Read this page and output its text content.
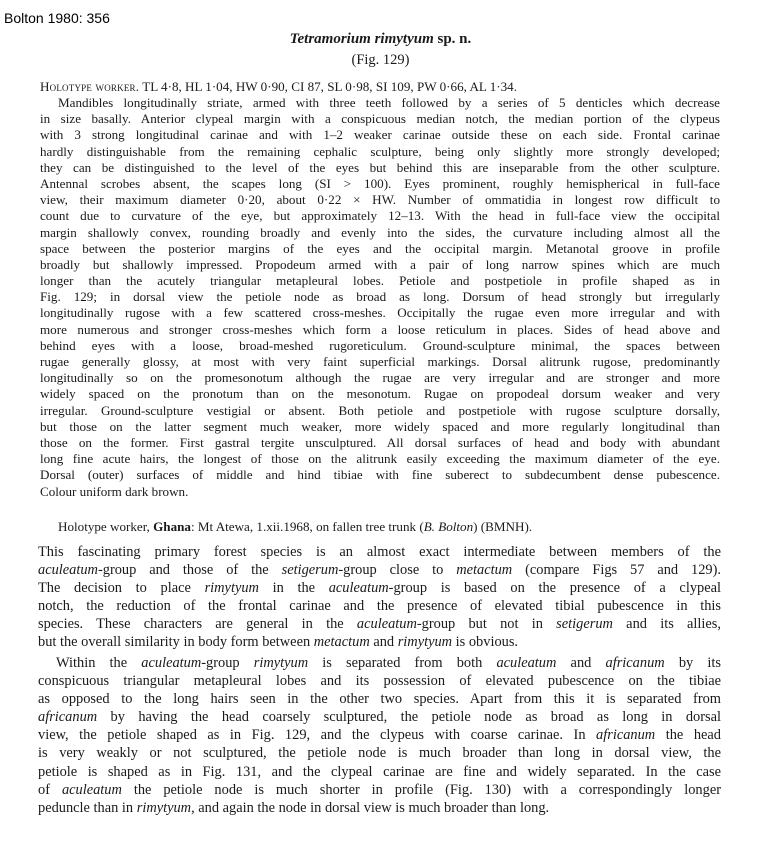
Bolton 1980: 356
Tetramorium rimytyum sp. n.
(Fig. 129)
Holotype worker. TL 4·8, HL 1·04, HW 0·90, CI 87, SL 0·98, SI 109, PW 0·66, AL 1·34.
Mandibles longitudinally striate, armed with three teeth followed by a series of 5 denticles which decrease
in size basally. Anterior clypeal margin with a conspicuous median notch, the median portion of the clypeus
with 3 strong longitudinal carinae and with 1–2 weaker carinae outside these on each side. Frontal carinae
hardly distinguishable from the remaining cephalic sculpture, being only slightly more strongly developed;
they can be distinguished to the level of the eyes but behind this are inseparable from the other sculpture.
Antennal scrobes absent, the scapes long (SI > 100). Eyes prominent, roughly hemispherical in full-face
view, their maximum diameter 0·20, about 0·22 × HW. Number of ommatidia in longest row difficult to
count due to curvature of the eye, but approximately 12–13. With the head in full-face view the occipital
margin shallowly convex, rounding broadly and evenly into the sides, the curvature including almost all the
space between the posterior margins of the eyes and the occipital margin. Metanotal groove in profile
broadly but shallowly impressed. Propodeum armed with a pair of long narrow spines which are much
longer than the acutely triangular metapleural lobes. Petiole and postpetiole in profile shaped as in
Fig. 129; in dorsal view the petiole node as broad as long. Dorsum of head strongly but irregularly
longitudinally rugose with a few scattered cross-meshes. Occipitally the rugae even more irregular and with
more numerous and stronger cross-meshes which form a loose reticulum in places. Sides of head above and
behind eyes with a loose, broad-meshed rugoreticulum. Ground-sculpture minimal, the spaces between
rugae generally glossy, at most with very faint superficial markings. Dorsal alitrunk rugose, predominantly
longitudinally so on the promesonotum although the rugae are very irregular and are stronger and more
widely spaced on the pronotum than on the mesonotum. Rugae on propodeal dorsum weaker and very
irregular. Ground-sculpture vestigial or absent. Both petiole and postpetiole with rugose sculpture dorsally,
but those on the latter segment much weaker, more widely spaced and more regularly longitudinal than
those on the former. First gastral tergite unsculptured. All dorsal surfaces of head and body with abundant
long fine acute hairs, the longest of those on the alitrunk easily exceeding the maximum diameter of the eye.
Dorsal (outer) surfaces of middle and hind tibiae with fine suberect to subdecumbent dense pubescence.
Colour uniform dark brown.
Holotype worker, Ghana: Mt Atewa, 1.xii.1968, on fallen tree trunk (B. Bolton) (BMNH).
This fascinating primary forest species is an almost exact intermediate between members of the
aculeatum-group and those of the setigerum-group close to metactum (compare Figs 57 and 129).
The decision to place rimytyum in the aculeatum-group is based on the presence of a clypeal
notch, the reduction of the frontal carinae and the presence of elevated tibial pubescence in this
species. These characters are general in the aculeatum-group but not in setigerum and its allies,
but the overall similarity in body form between metactum and rimytyum is obvious.
Within the aculeatum-group rimytyum is separated from both aculeatum and africanum by its
conspicuous triangular metapleural lobes and its possession of elevated pubescence on the tibiae
as opposed to the long hairs seen in the other two species. Apart from this it is separated from
africanum by having the head coarsely sculptured, the petiole node as broad as long in dorsal
view, the petiole shaped as in Fig. 129, and the clypeus with coarse carinae. In africanum the head
is very weakly or not sculptured, the petiole node is much broader than long in dorsal view, the
petiole is shaped as in Fig. 131, and the clypeal carinae are fine and widely separated. In the case
of aculeatum the petiole node is much shorter in profile (Fig. 130) with a correspondingly longer
peduncle than in rimytyum, and again the node in dorsal view is much broader than long.
